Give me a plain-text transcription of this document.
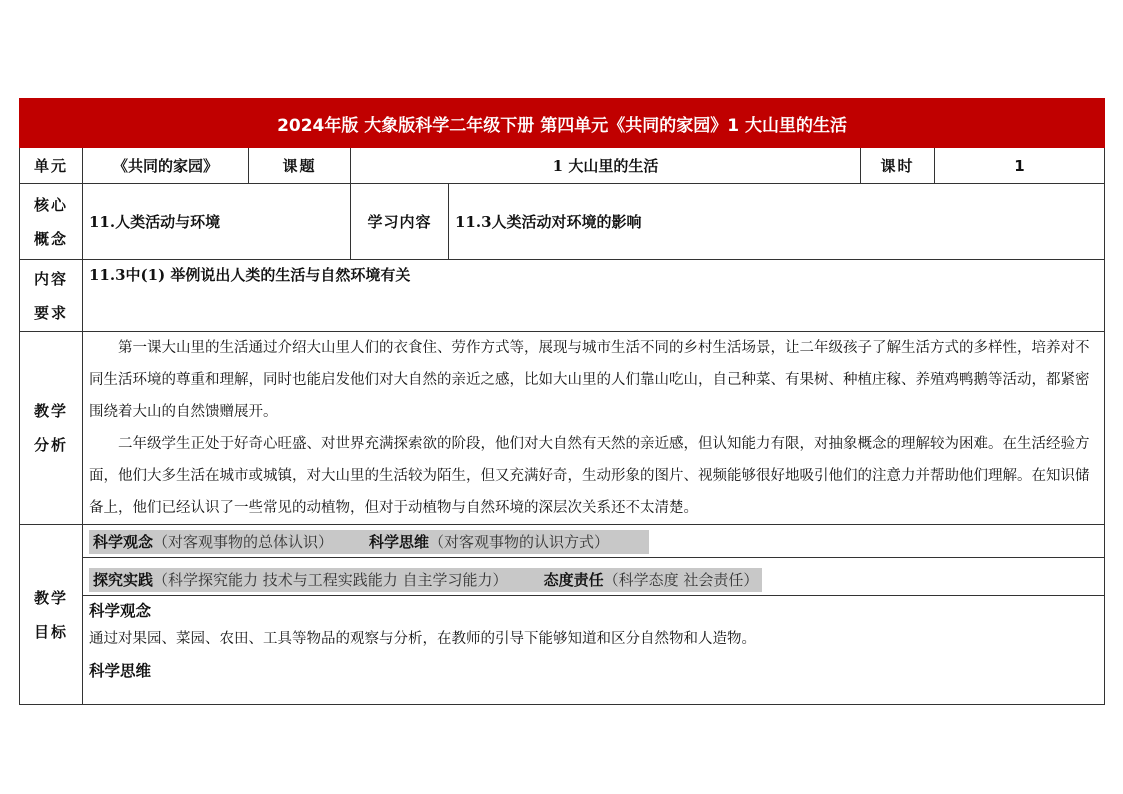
2024年版 大象版科学二年级下册 第四单元《共同的家园》1 大山里的生活						
单元	《共同的家园》	课题	1 大山里的生活		课时	1
核心概念	11.人类活动与环境		学习内容	11.3人类活动对环境的影响		
内容要求	11.3中(1) 举例说出人类的生活与自然环境有关					
教学分析	第一课大山里的生活通过介绍大山里人们的衣食住、劳作方式等，展现与城市生活不同的乡村生活场景，让二年级孩子了解生活方式的多样性，培养对不同生活环境的尊重和理解，同时也能启发他们对大自然的亲近之感，比如大山里的人们靠山吃山，自己种菜、有果树、种植庄稼、养殖鸡鸭鹅等活动，都紧密围绕着大山的自然馈赠展开。

二年级学生正处于好奇心旺盛、对世界充满探索欲的阶段，他们对大自然有天然的亲近感，但认知能力有限，对抽象概念的理解较为困难。在生活经验方面，他们大多生活在城市或城镇，对大山里的生活较为陌生，但又充满好奇，生动形象的图片、视频能够很好地吸引他们的注意力并帮助他们理解。在知识储备上，他们已经认识了一些常见的动植物，但对于动植物与自然环境的深层次关系还不太清楚。					

教学目标	科学观念（对客观事物的总体认识） 科学思维（对客观事物的认识方式）
探究实践（科学探究能力 技术与工程实践能力 自主学习能力） 态度责任（科学态度 社会责任）
科学观念
通过对果园、菜园、农田、工具等物品的观察与分析，在教师的引导下能够知道和区分自然物和人造物。
科学思维					
